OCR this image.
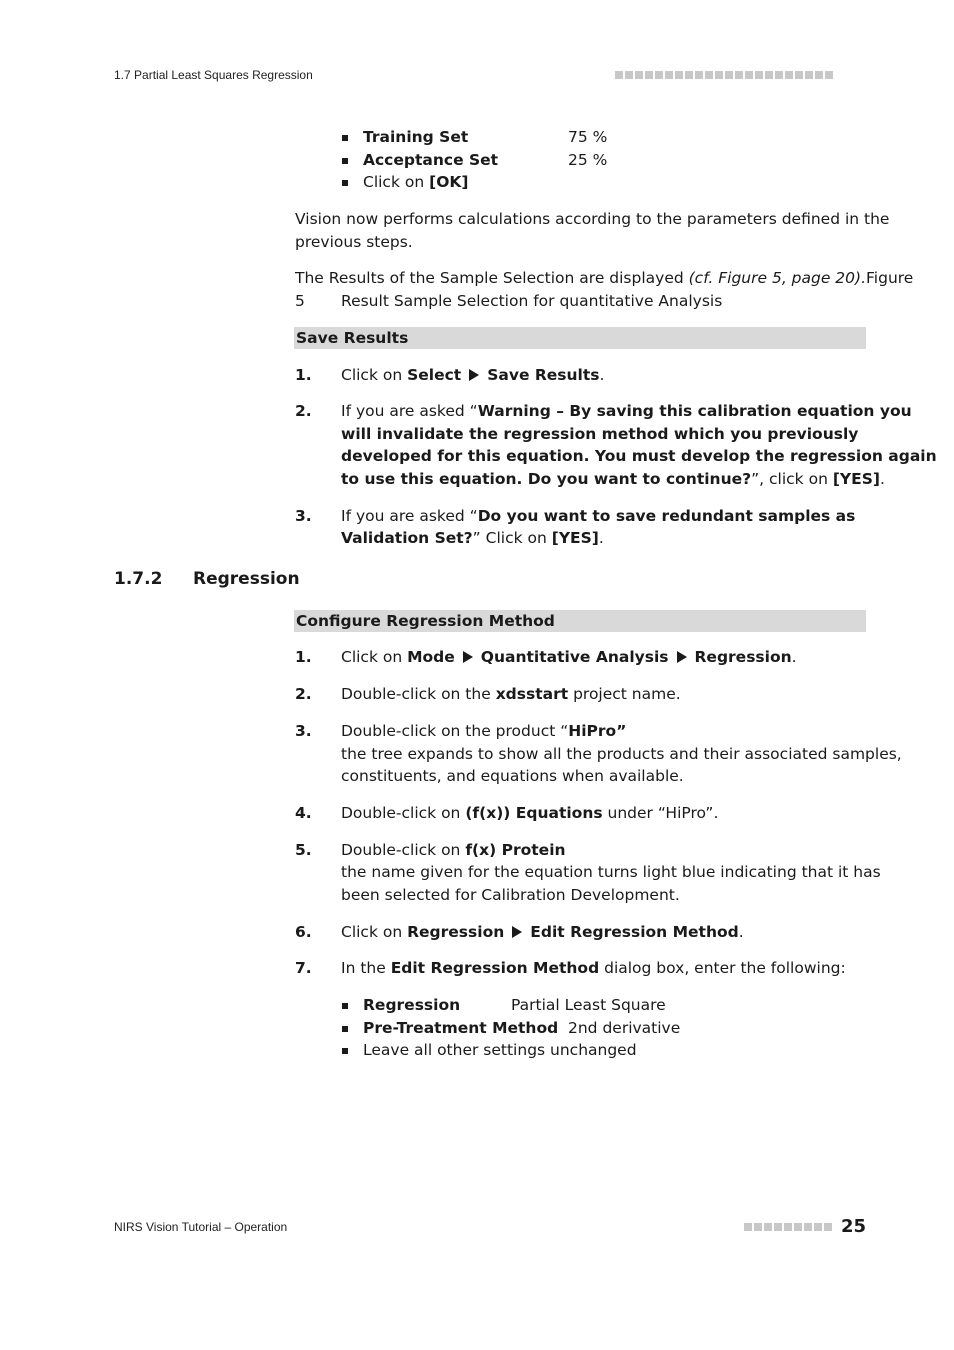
1.7 Partial Least Squares Regression
Training Set	75 %
Acceptance Set	25 %
Click on [OK]
Vision now performs calculations according to the parameters defined in the
previous steps.
The Results of the Sample Selection are displayed (cf. Figure 5, page 20).Figure
5 Result Sample Selection for quantitative Analysis
Save Results
1. Click on Select Save Results.
2. If you are asked “Warning – By saving this calibration equation you
will invalidate the regression method which you previously
developed for this equation. You must develop the regression again
to use this equation. Do you want to continue?”, click on [YES].
3. If you are asked “Do you want to save redundant samples as
Validation Set?” Click on [YES].
1.7.2 Regression
Configure Regression Method
1. Click on Mode Quantitative Analysis Regression.
2. Double-click on the xdsstart project name.
3. Double-click on the product “HiPro”
the tree expands to show all the products and their associated samples,
constituents, and equations when available.
4. Double-click on (f(x)) Equations under “HiPro”.
5. Double-click on f(x) Protein
the name given for the equation turns light blue indicating that it has
been selected for Calibration Development.
6. Click on Regression Edit Regression Method.
7. In the Edit Regression Method dialog box, enter the following:
Regression	Partial Least Square
Pre-Treatment Method 2nd derivative
Leave all other settings unchanged
NIRS Vision Tutorial – Operation	25
